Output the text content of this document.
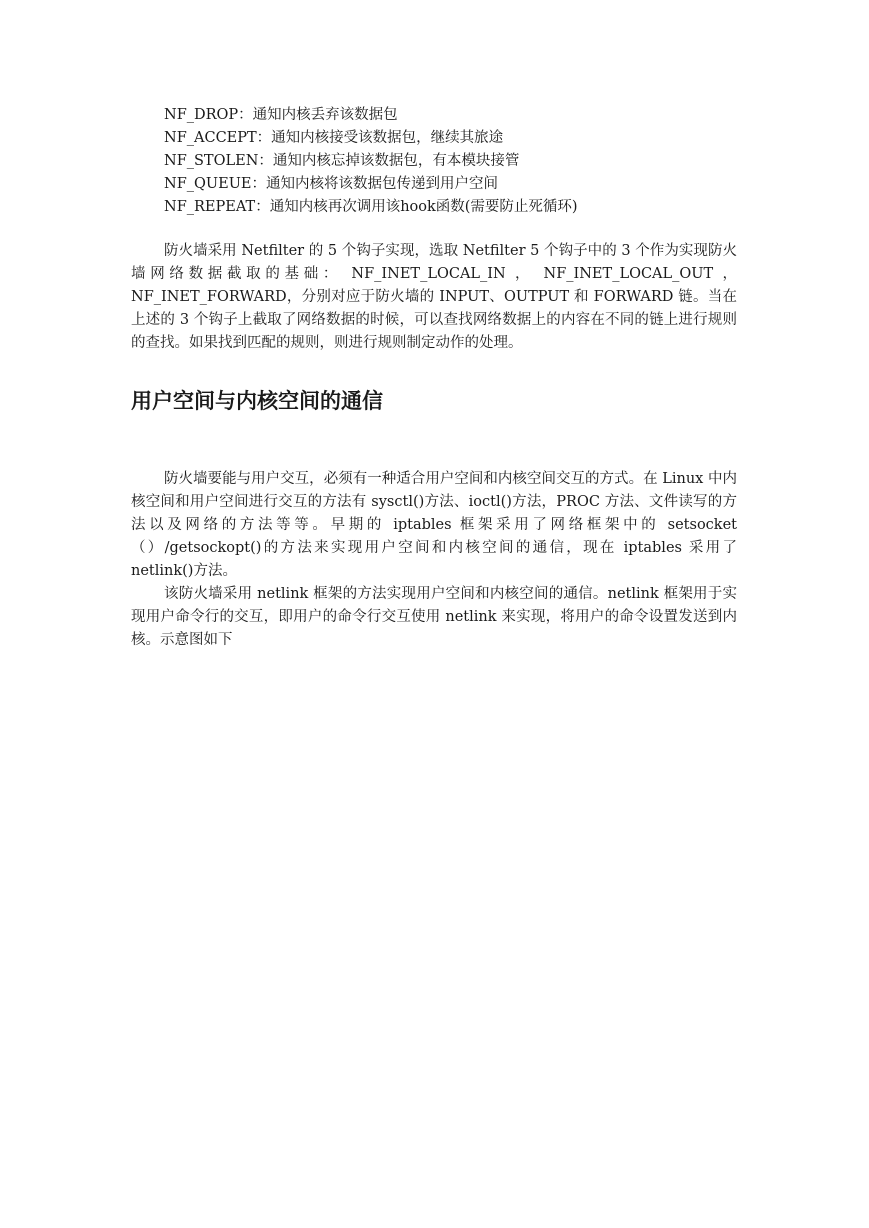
NF_DROP：通知内核丢弃该数据包
NF_ACCEPT：通知内核接受该数据包，继续其旅途
NF_STOLEN：通知内核忘掉该数据包，有本模块接管
NF_QUEUE：通知内核将该数据包传递到用户空间
NF_REPEAT：通知内核再次调用该hook函数(需要防止死循环)
防火墙采用 Netfilter 的 5 个钩子实现，选取 Netfilter 5 个钩子中的 3 个作为实现防火墙网络数据截取的基础： NF_INET_LOCAL_IN ， NF_INET_LOCAL_OUT ，NF_INET_FORWARD，分别对应于防火墙的 INPUT、OUTPUT 和 FORWARD 链。当在上述的 3 个钩子上截取了网络数据的时候，可以查找网络数据上的内容在不同的链上进行规则的查找。如果找到匹配的规则，则进行规则制定动作的处理。
用户空间与内核空间的通信
防火墙要能与用户交互，必须有一种适合用户空间和内核空间交互的方式。在 Linux 中内核空间和用户空间进行交互的方法有 sysctl()方法、ioctl()方法，PROC 方法、文件读写的方法以及网络的方法等等。早期的 iptables 框架采用了网络框架中的 setsocket（）/getsockopt()的方法来实现用户空间和内核空间的通信，现在 iptables 采用了 netlink()方法。
该防火墙采用 netlink 框架的方法实现用户空间和内核空间的通信。netlink 框架用于实现用户命令行的交互，即用户的命令行交互使用 netlink 来实现，将用户的命令设置发送到内核。示意图如下
